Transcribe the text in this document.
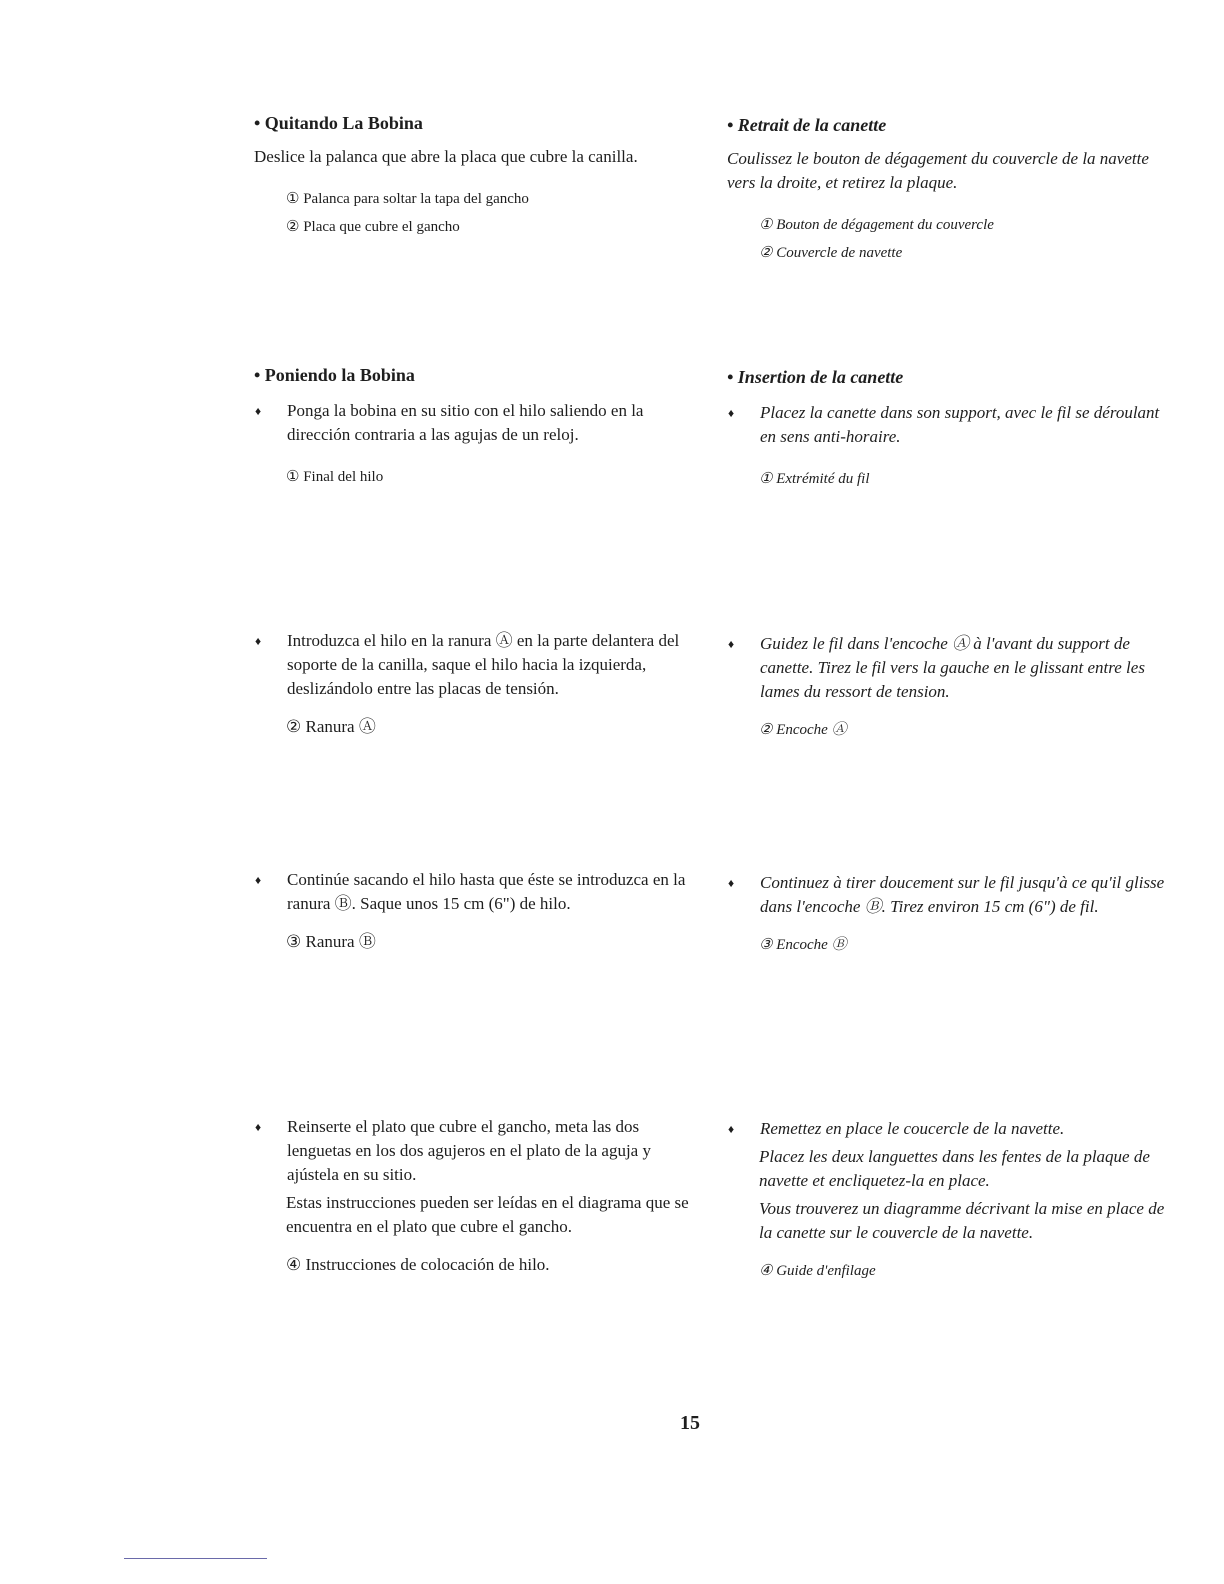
• Quitando La Bobina

Deslice la palanca que abre la placa que cubre la canilla.

① Palanca para soltar la tapa del gancho

② Placa que cubre el gancho

• Retrait de la canette

Coulissez le bouton de dégagement du couvercle de la navette vers la droite, et retirez la plaque.

① Bouton de dégagement du couvercle

② Couvercle de navette

• Poniendo la Bobina

♦	Ponga la bobina en su sitio con el hilo saliendo en la dirección contraria a las agujas de un reloj.

① Final del hilo

• Insertion de la canette

♦	Placez la canette dans son support, avec le fil se déroulant en sens anti-horaire.

① Extrémité du fil

♦	Introduzca el hilo en la ranura Ⓐ en la parte delantera del soporte de la canilla, saque el hilo hacia la izquierda, deslizándolo entre las placas de tensión.

② Ranura Ⓐ

♦	Guidez le fil dans l'encoche Ⓐ à l'avant du support de canette. Tirez le fil vers la gauche en le glissant entre les lames du ressort de tension.

② Encoche Ⓐ

♦	Continúe sacando el hilo hasta que éste se introduzca en la ranura Ⓑ. Saque unos 15 cm (6") de hilo.

③ Ranura Ⓑ

♦	Continuez à tirer doucement sur le fil jusqu'à ce qu'il glisse dans l'encoche Ⓑ. Tirez environ 15 cm (6") de fil.

③ Encoche Ⓑ

♦	Reinserte el plato que cubre el gancho, meta las dos lenguetas en los dos agujeros en el plato de la aguja y ajústela en su sitio.

Estas instrucciones pueden ser leídas en el diagrama que se encuentra en el plato que cubre el gancho.

④ Instrucciones de colocación de hilo.

♦	Remettez en place le coucercle de la navette.

Placez les deux languettes dans les fentes de la plaque de navette et encliquetez-la en place.

Vous trouverez un diagramme décrivant la mise en place de la canette sur le couvercle de la navette.

④ Guide d'enfilage

15
